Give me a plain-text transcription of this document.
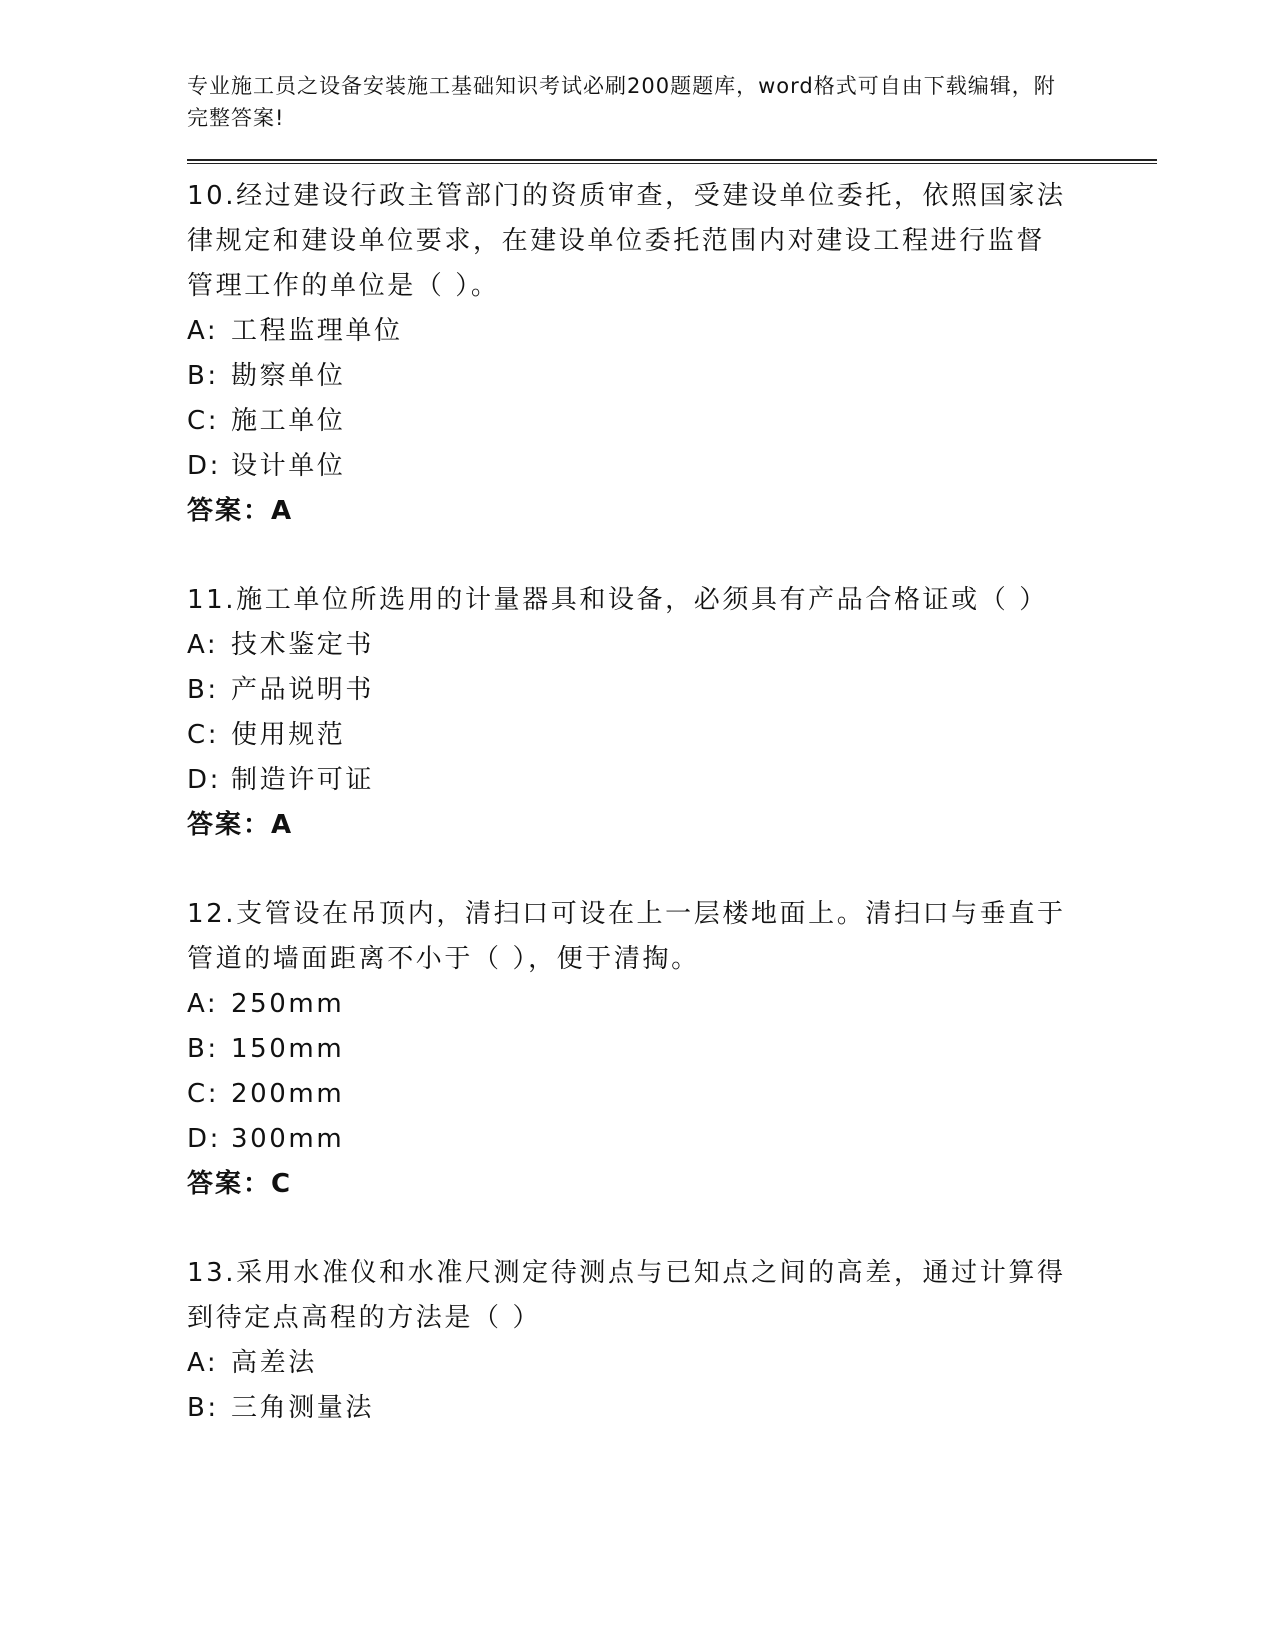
专业施工员之设备安装施工基础知识考试必刷200题题库，word格式可自由下载编辑，附完整答案!

10.经过建设行政主管部门的资质审查，受建设单位委托，依照国家法律规定和建设单位要求，在建设单位委托范围内对建设工程进行监督管理工作的单位是（ ）。

A: 工程监理单位

B: 勘察单位

C: 施工单位

D: 设计单位

答案：A

11.施工单位所选用的计量器具和设备，必须具有产品合格证或（ ）

A: 技术鉴定书

B: 产品说明书

C: 使用规范

D: 制造许可证

答案：A

12.支管设在吊顶内，清扫口可设在上一层楼地面上。清扫口与垂直于管道的墙面距离不小于（ ），便于清掏。

A: 250mm

B: 150mm

C: 200mm

D: 300mm

答案：C

13.采用水准仪和水准尺测定待测点与已知点之间的高差，通过计算得到待定点高程的方法是（ ）

A: 高差法

B: 三角测量法
